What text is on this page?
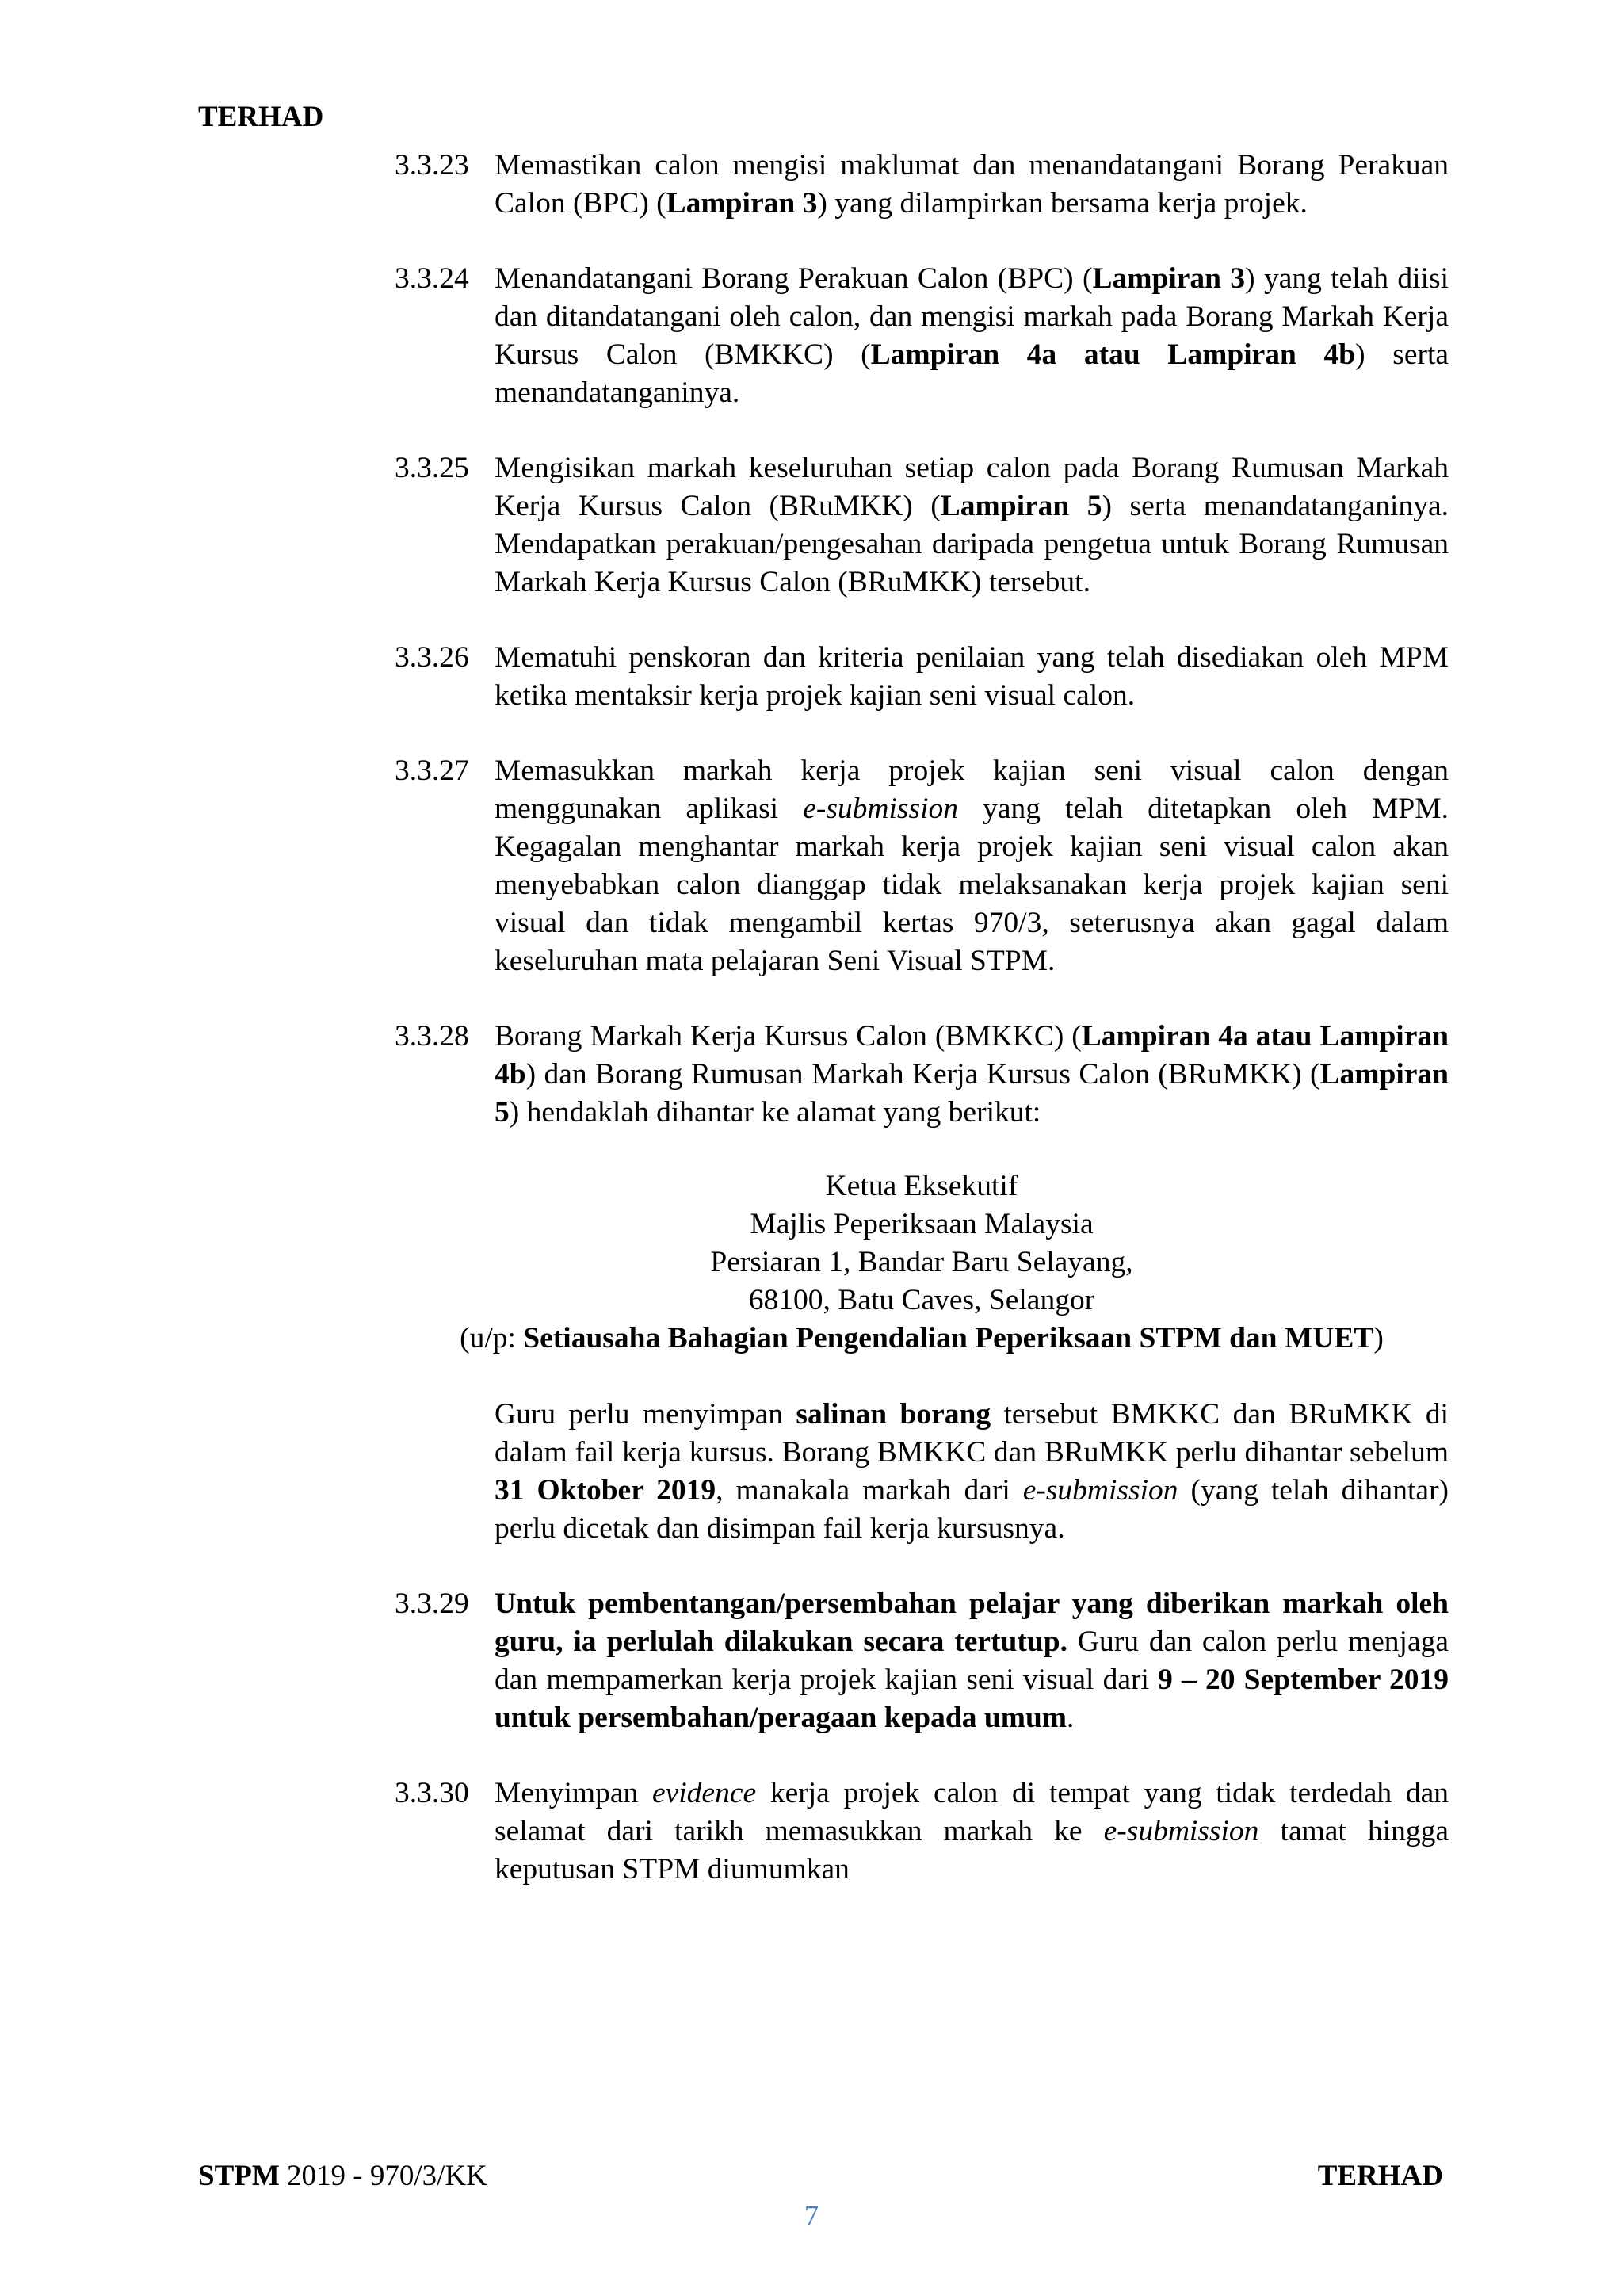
TERHAD
3.3.23 Memastikan calon mengisi maklumat dan menandatangani Borang Perakuan Calon (BPC) (Lampiran 3) yang dilampirkan bersama kerja projek.
3.3.24 Menandatangani Borang Perakuan Calon (BPC) (Lampiran 3) yang telah diisi dan ditandatangani oleh calon, dan mengisi markah pada Borang Markah Kerja Kursus Calon (BMKKC) (Lampiran 4a atau Lampiran 4b) serta menandatanganinya.
3.3.25 Mengisikan markah keseluruhan setiap calon pada Borang Rumusan Markah Kerja Kursus Calon (BRuMKK) (Lampiran 5) serta menandatanganinya. Mendapatkan perakuan/pengesahan daripada pengetua untuk Borang Rumusan Markah Kerja Kursus Calon (BRuMKK) tersebut.
3.3.26 Mematuhi penskoran dan kriteria penilaian yang telah disediakan oleh MPM ketika mentaksir kerja projek kajian seni visual calon.
3.3.27 Memasukkan markah kerja projek kajian seni visual calon dengan menggunakan aplikasi e-submission yang telah ditetapkan oleh MPM. Kegagalan menghantar markah kerja projek kajian seni visual calon akan menyebabkan calon dianggap tidak melaksanakan kerja projek kajian seni visual dan tidak mengambil kertas 970/3, seterusnya akan gagal dalam keseluruhan mata pelajaran Seni Visual STPM.
3.3.28 Borang Markah Kerja Kursus Calon (BMKKC) (Lampiran 4a atau Lampiran 4b) dan Borang Rumusan Markah Kerja Kursus Calon (BRuMKK) (Lampiran 5) hendaklah dihantar ke alamat yang berikut:
Ketua Eksekutif
Majlis Peperiksaan Malaysia
Persiaran 1, Bandar Baru Selayang,
68100, Batu Caves, Selangor
(u/p: Setiausaha Bahagian Pengendalian Peperiksaan STPM dan MUET)
Guru perlu menyimpan salinan borang tersebut BMKKC dan BRuMKK di dalam fail kerja kursus. Borang BMKKC dan BRuMKK perlu dihantar sebelum 31 Oktober 2019, manakala markah dari e-submission (yang telah dihantar) perlu dicetak dan disimpan fail kerja kursusnya.
3.3.29 Untuk pembentangan/persembahan pelajar yang diberikan markah oleh guru, ia perlulah dilakukan secara tertutup. Guru dan calon perlu menjaga dan mempamerkan kerja projek kajian seni visual dari 9 – 20 September 2019 untuk persembahan/peragaan kepada umum.
3.3.30 Menyimpan evidence kerja projek calon di tempat yang tidak terdedah dan selamat dari tarikh memasukkan markah ke e-submission tamat hingga keputusan STPM diumumkan
STPM 2019 - 970/3/KK	TERHAD
7
